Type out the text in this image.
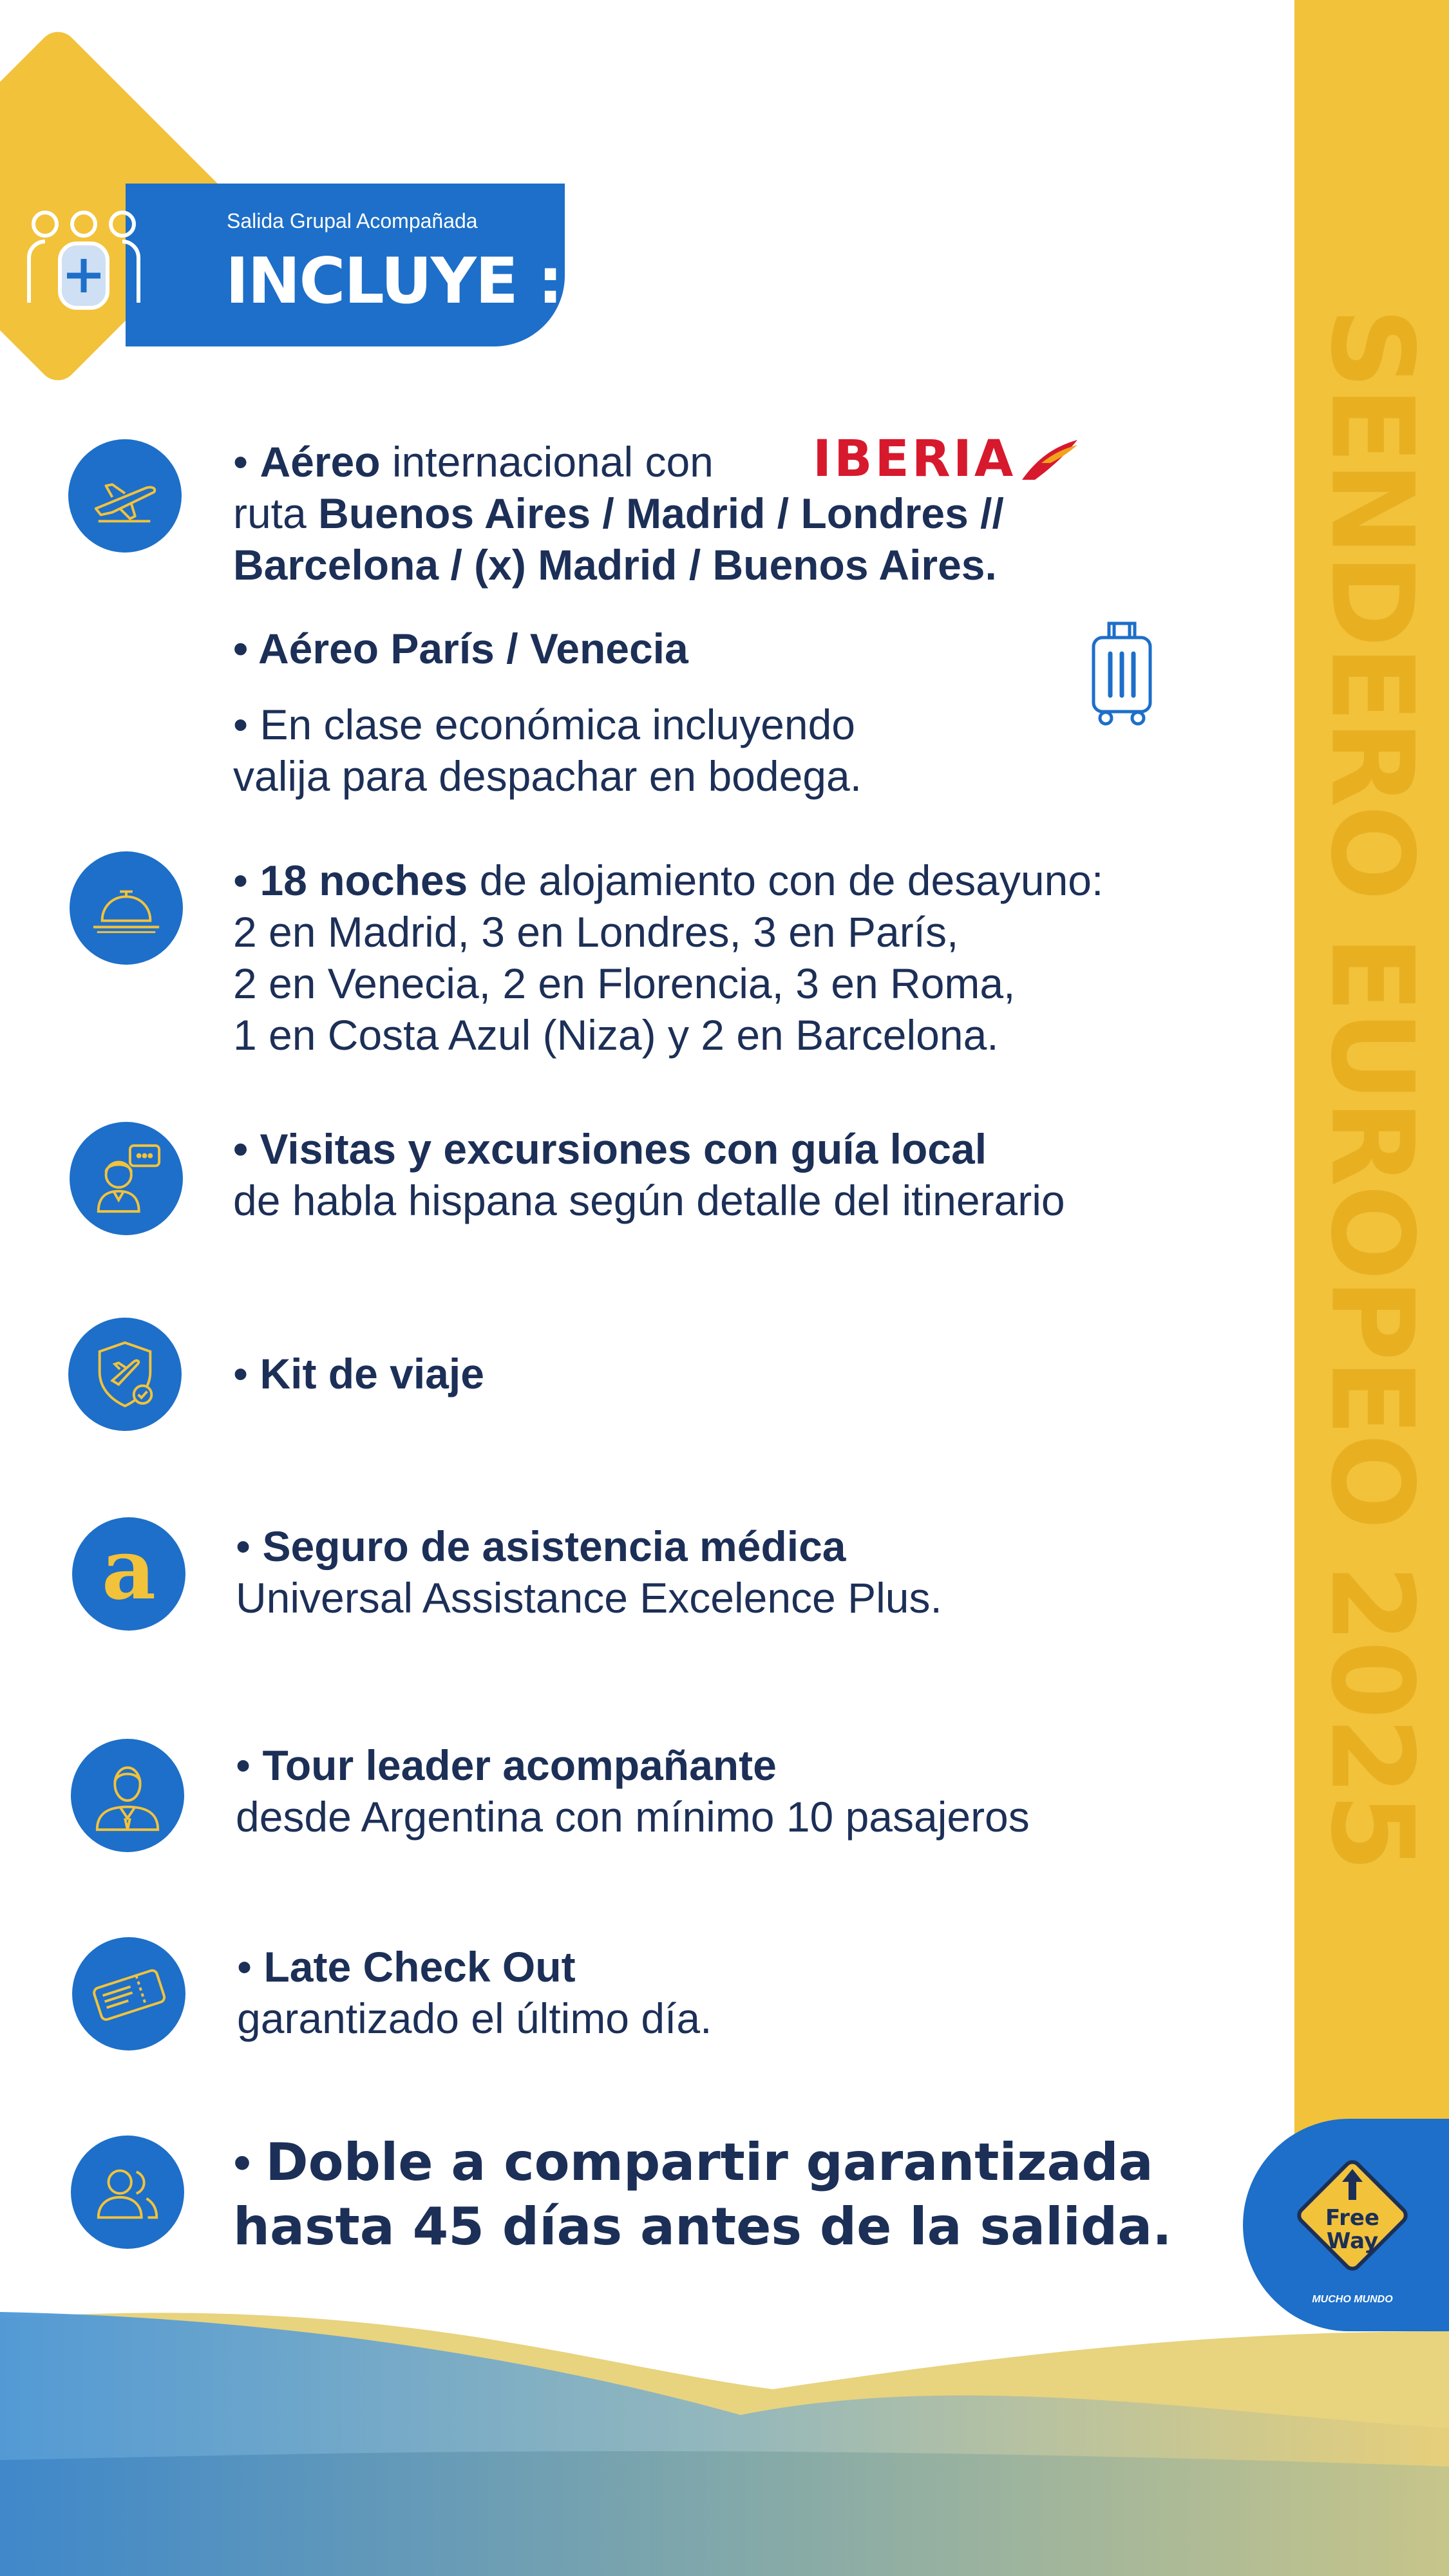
SENDERO EUROPEO 2025
Salida Grupal Acompañada
INCLUYE :
• Aéreo internacional con IBERIA
ruta Buenos Aires / Madrid / Londres //
Barcelona / (x) Madrid / Buenos Aires.
• Aéreo París / Venecia
• En clase económica incluyendo
valija para despachar en bodega.
• 18 noches de alojamiento con de desayuno:
2 en Madrid, 3 en Londres, 3 en París,
2 en Venecia, 2 en Florencia, 3 en Roma,
1 en Costa Azul (Niza) y 2 en Barcelona.
• Visitas y excursiones con guía local
de habla hispana según detalle del itinerario
• Kit de viaje
a • Seguro de asistencia médica
Universal Assistance Excelence Plus.
• Tour leader acompañante
desde Argentina con mínimo 10 pasajeros
• Late Check Out
garantizado el último día.
• Doble a compartir garantizada
hasta 45 días antes de la salida.	Free
Way
MUCHO MUNDO
